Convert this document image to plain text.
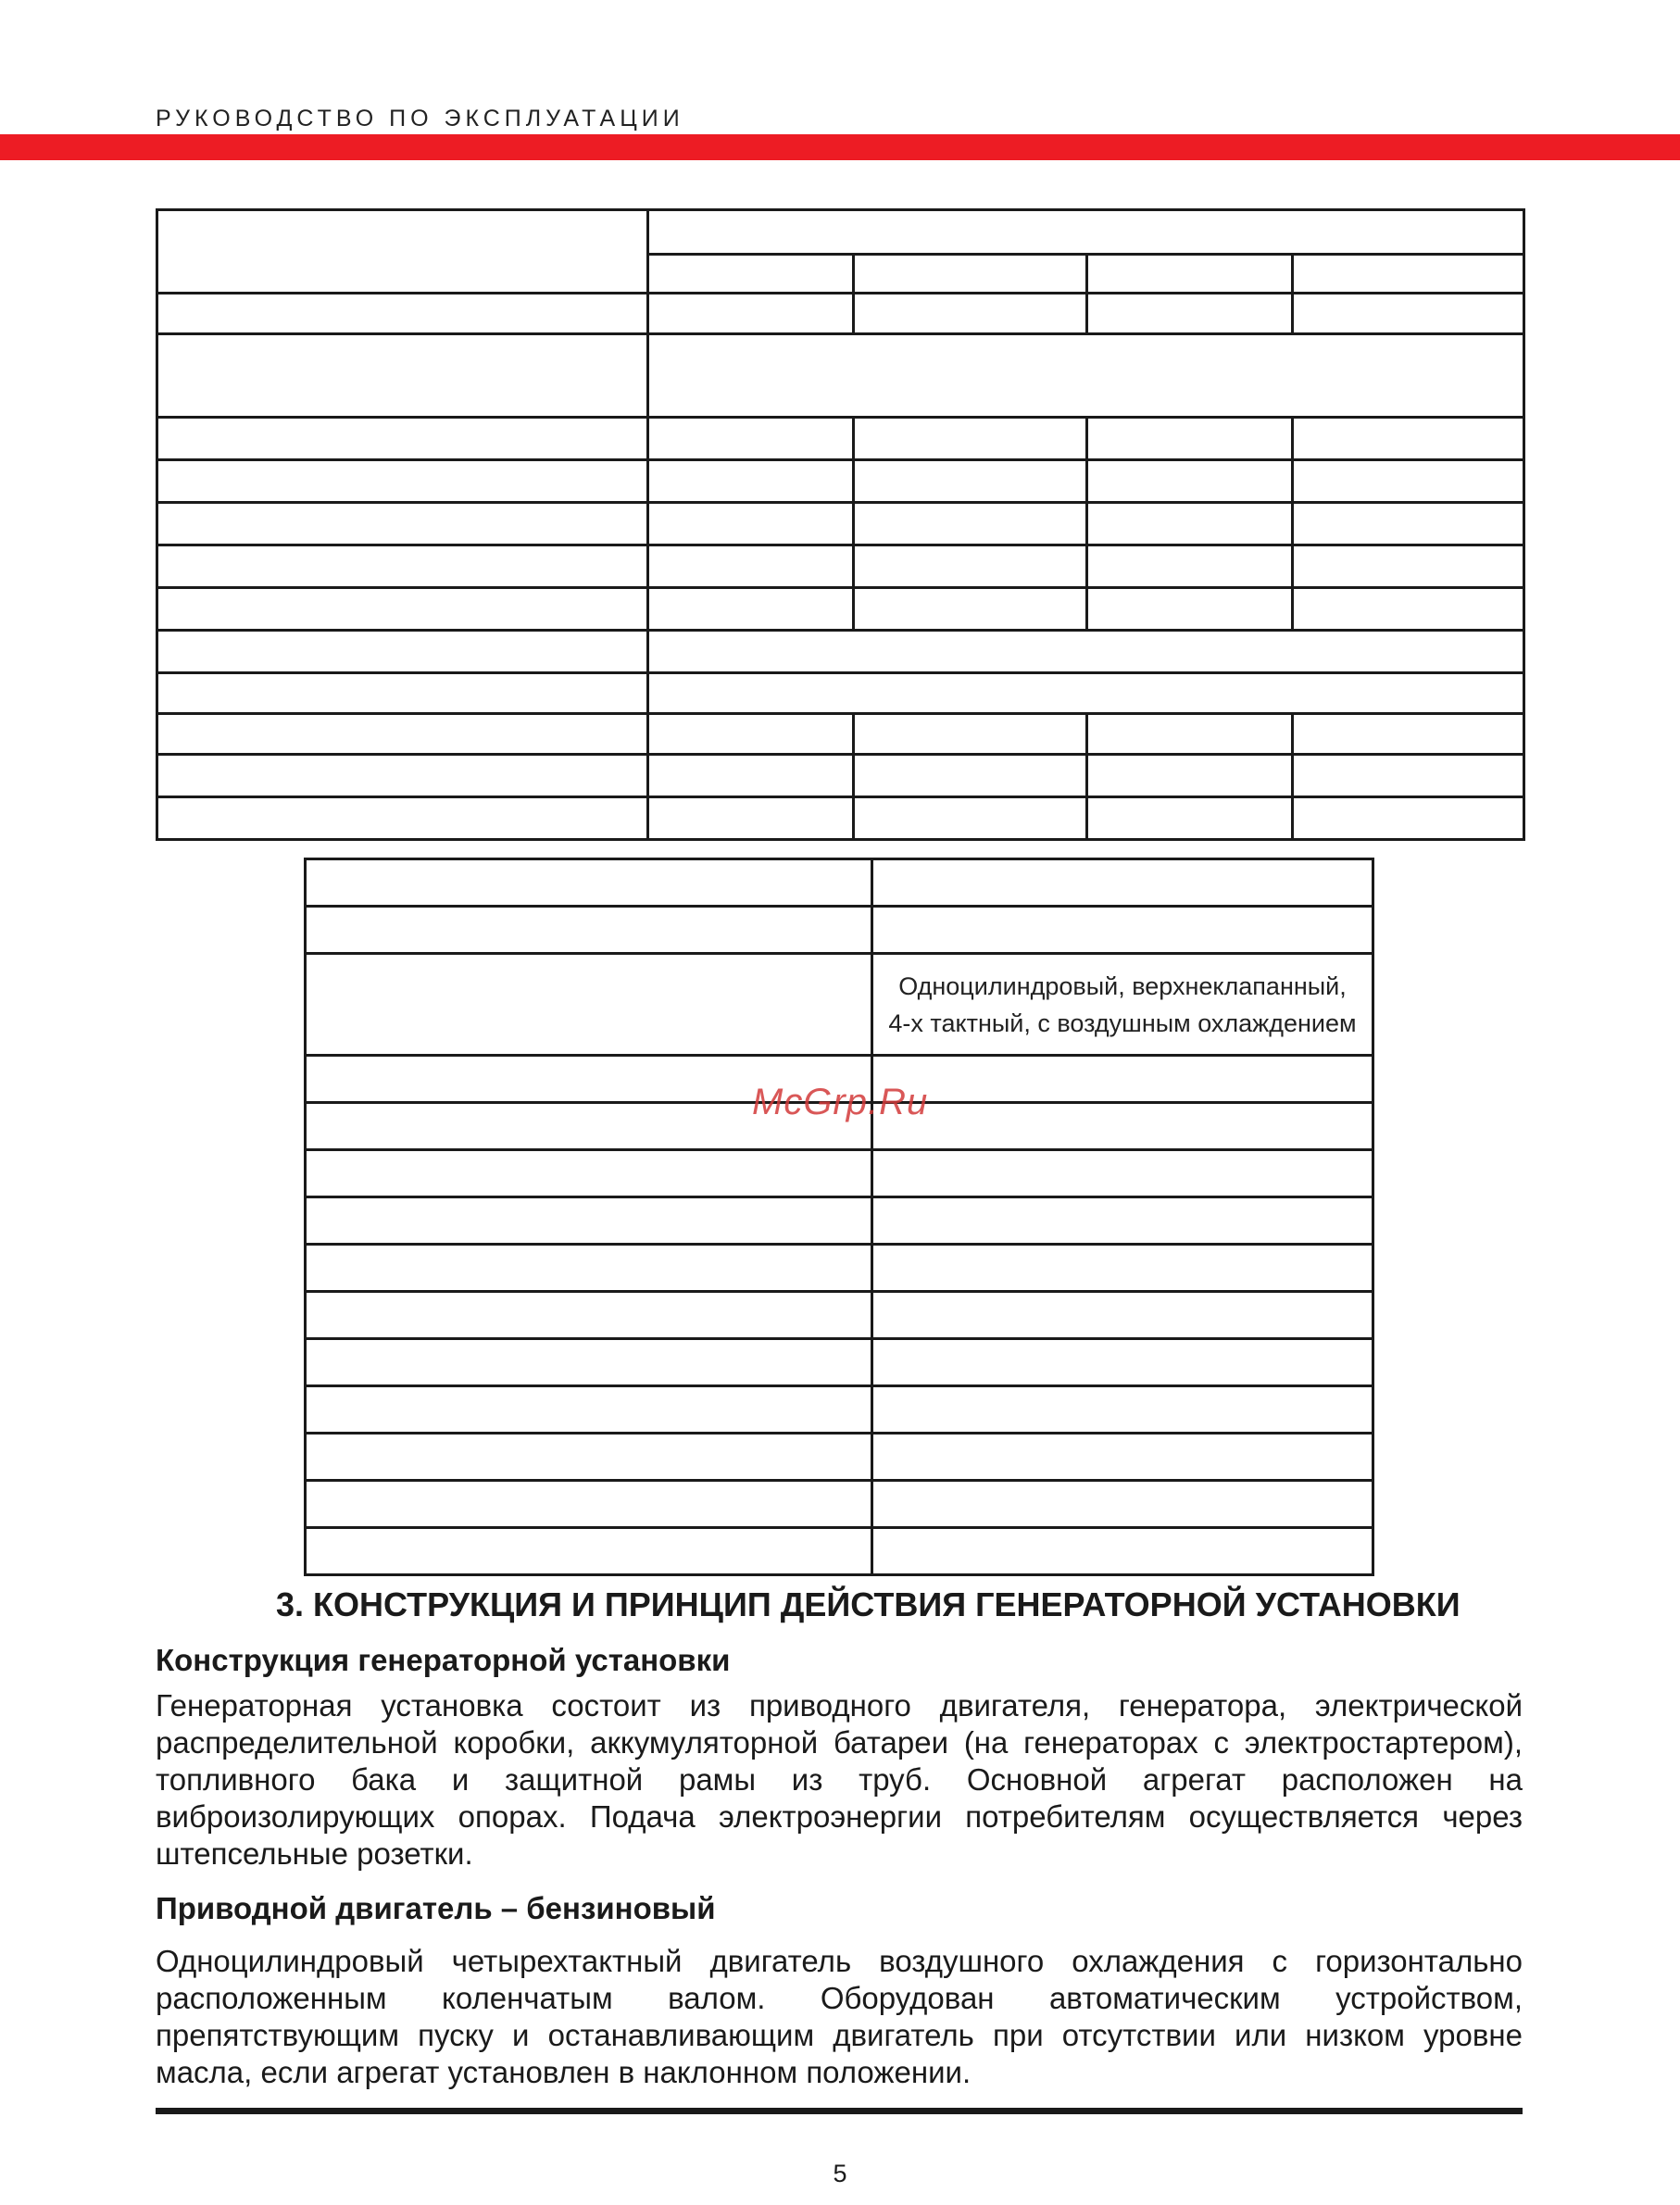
РУКОВОДСТВО ПО ЭКСПЛУАТАЦИИ

	Одноцилиндровый, верхнеклапанный,
4-х тактный, с воздушным охлаждением

McGrp.Ru
3. КОНСТРУКЦИЯ И ПРИНЦИП ДЕЙСТВИЯ ГЕНЕРАТОРНОЙ УСТАНОВКИ
Конструкция генераторной установки
Генераторная установка состоит из приводного двигателя, генератора, электрической распределительной коробки, аккумуляторной батареи (на генераторах с электростартером), топливного бака и защитной рамы из труб. Основной агрегат расположен на виброизолирующих опорах. Подача электроэнергии потребителям осуществляется через штепсельные розетки.
Приводной двигатель – бензиновый
Одноцилиндровый четырехтактный двигатель воздушного охлаждения с горизонтально расположенным коленчатым валом. Оборудован автоматическим устройством, препятствующим пуску и останавливающим двигатель при отсутствии или низком уровне масла, если агрегат установлен в наклонном положении.
5
